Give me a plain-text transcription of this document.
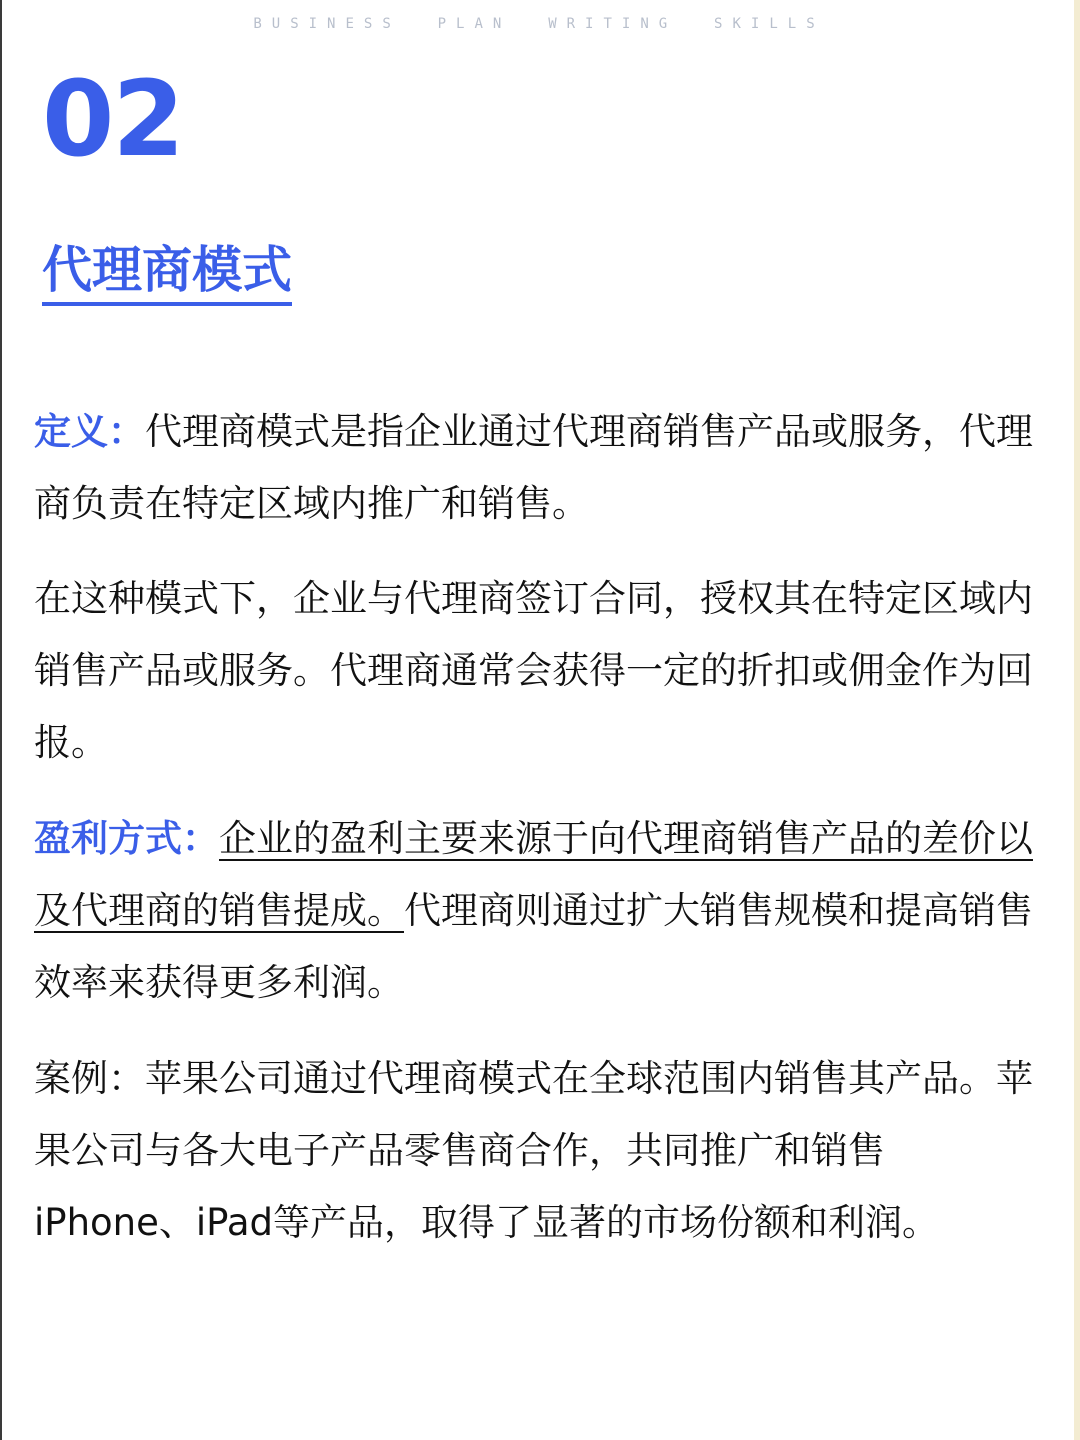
BUSINESS  PLAN  WRITING  SKILLS
02
代理商模式

定义：代理商模式是指企业通过代理商销售产品或服务，代理商负责在特定区域内推广和销售。

在这种模式下，企业与代理商签订合同，授权其在特定区域内销售产品或服务。代理商通常会获得一定的折扣或佣金作为回报。

盈利方式：企业的盈利主要来源于向代理商销售产品的差价以及代理商的销售提成。代理商则通过扩大销售规模和提高销售效率来获得更多利润。

案例：苹果公司通过代理商模式在全球范围内销售其产品。苹果公司与各大电子产品零售商合作，共同推广和销售iPhone、iPad等产品，取得了显著的市场份额和利润。
